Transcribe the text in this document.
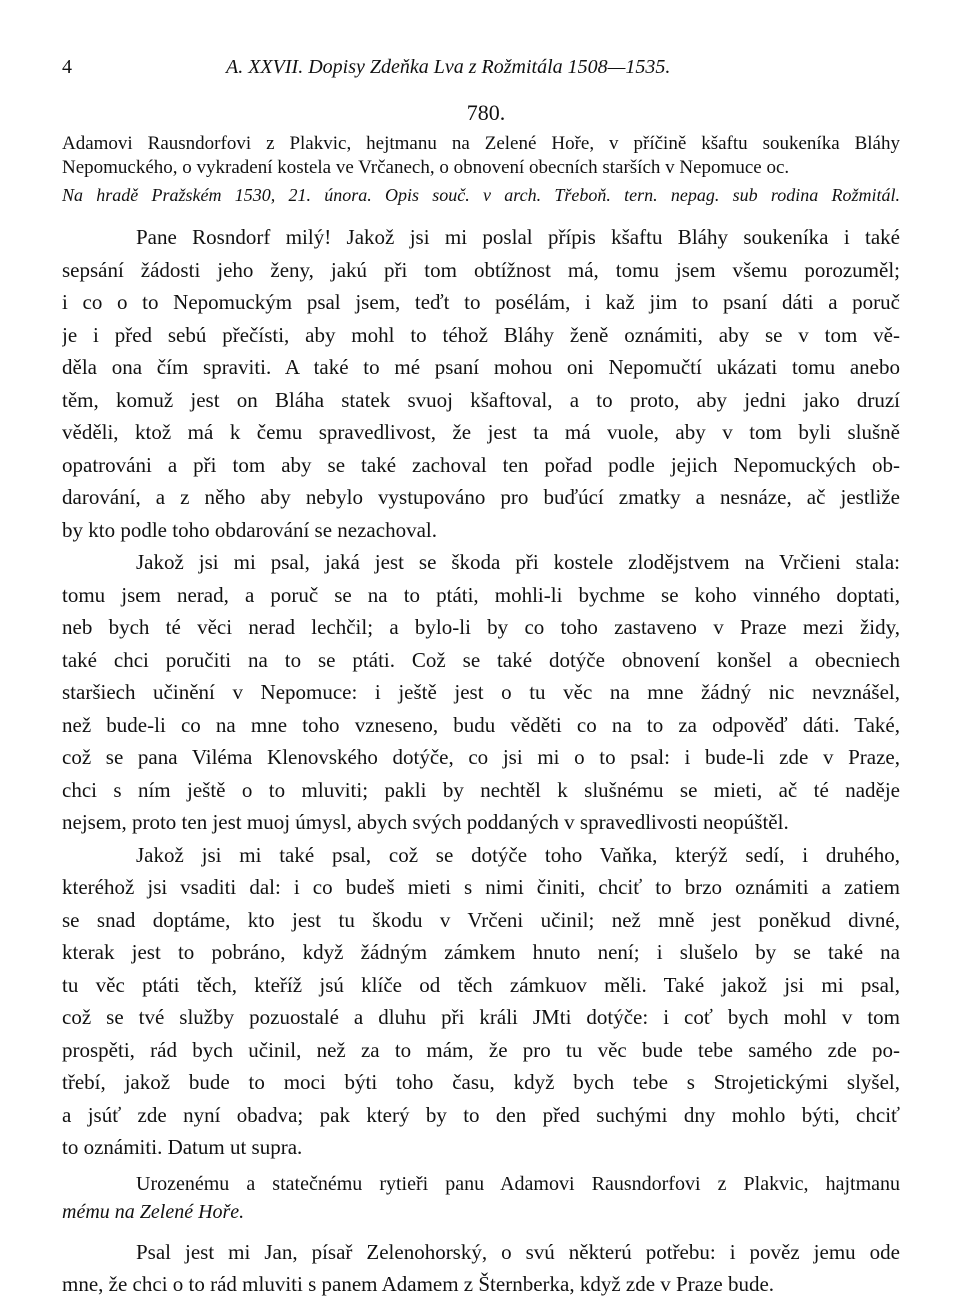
4	A. XXVII. Dopisy Zdeňka Lva z Rožmitála 1508—1535.
780.
Adamovi Rausndorfovi z Plakvic, hejtmanu na Zelené Hoře, v příčině kšaftu soukeníka Bláhy
Nepomuckého, o vykradení kostela ve Vrčanech, o obnovení obecních starších v Nepomuce oc.
Na hradě Pražském 1530, 21. února. Opis souč. v arch. Třeboň. tern. nepag. sub rodina Rožmitál.

Pane Rosndorf milý! Jakož jsi mi poslal přípis kšaftu Bláhy soukeníka i také
sepsání žádosti jeho ženy, jakú při tom obtížnost má, tomu jsem všemu porozuměl;
i co o to Nepomuckým psal jsem, teďt to posélám, i kaž jim to psaní dáti a poruč
je i před sebú přečísti, aby mohl to téhož Bláhy ženě oznámiti, aby se v tom vě-
děla ona čím spraviti. A také to mé psaní mohou oni Nepomučtí ukázati tomu anebo
těm, komuž jest on Bláha statek svuoj kšaftoval, a to proto, aby jedni jako druzí
věděli, ktož má k čemu spravedlivost, že jest ta má vuole, aby v tom byli slušně
opatrováni a při tom aby se také zachoval ten pořad podle jejich Nepomuckých ob-
darování, a z něho aby nebylo vystupováno pro buďúcí zmatky a nesnáze, ač jestliže
by kto podle toho obdarování se nezachoval.

Jakož jsi mi psal, jaká jest se škoda při kostele zlodějstvem na Vrčieni stala:
tomu jsem nerad, a poruč se na to ptáti, mohli-li bychme se koho vinného doptati,
neb bych té věci nerad lechčil; a bylo-li by co toho zastaveno v Praze mezi židy,
také chci poručiti na to se ptáti. Což se také dotýče obnovení konšel a obecniech
staršiech učinění v Nepomuce: i ještě jest o tu věc na mne žádný nic nevznášel,
než bude-li co na mne toho vzneseno, budu věděti co na to za odpověď dáti. Také,
což se pana Viléma Klenovského dotýče, co jsi mi o to psal: i bude-li zde v Praze,
chci s ním ještě o to mluviti; pakli by nechtěl k slušnému se mieti, ač té naděje
nejsem, proto ten jest muoj úmysl, abych svých poddaných v spravedlivosti neopúštěl.

Jakož jsi mi také psal, což se dotýče toho Vaňka, kterýž sedí, i druhého,
kteréhož jsi vsaditi dal: i co budeš mieti s nimi činiti, chciť to brzo oznámiti a zatiem
se snad doptáme, kto jest tu škodu v Vrčeni učinil; než mně jest poněkud divné,
kterak jest to pobráno, když žádným zámkem hnuto není; i slušelo by se také na
tu věc ptáti těch, kteříž jsú klíče od těch zámkuov měli. Také jakož jsi mi psal,
což se tvé služby pozuostalé a dluhu při králi JMti dotýče: i coť bych mohl v tom
prospěti, rád bych učinil, než za to mám, že pro tu věc bude tebe samého zde po-
třebí, jakož bude to moci býti toho času, když bych tebe s Strojetickými slyšel,
a jsúť zde nyní obadva; pak který by to den před suchými dny mohlo býti, chciť
to oznámiti. Datum ut supra.

Urozenému a statečnému rytieři panu Adamovi Rausndorfovi z Plakvic, hajtmanu
mému na Zelené Hoře.

Psal jest mi Jan, písař Zelenohorský, o svú některú potřebu: i pověz jemu ode
mne, že chci o to rád mluviti s panem Adamem z Šternberka, když zde v Praze bude.
